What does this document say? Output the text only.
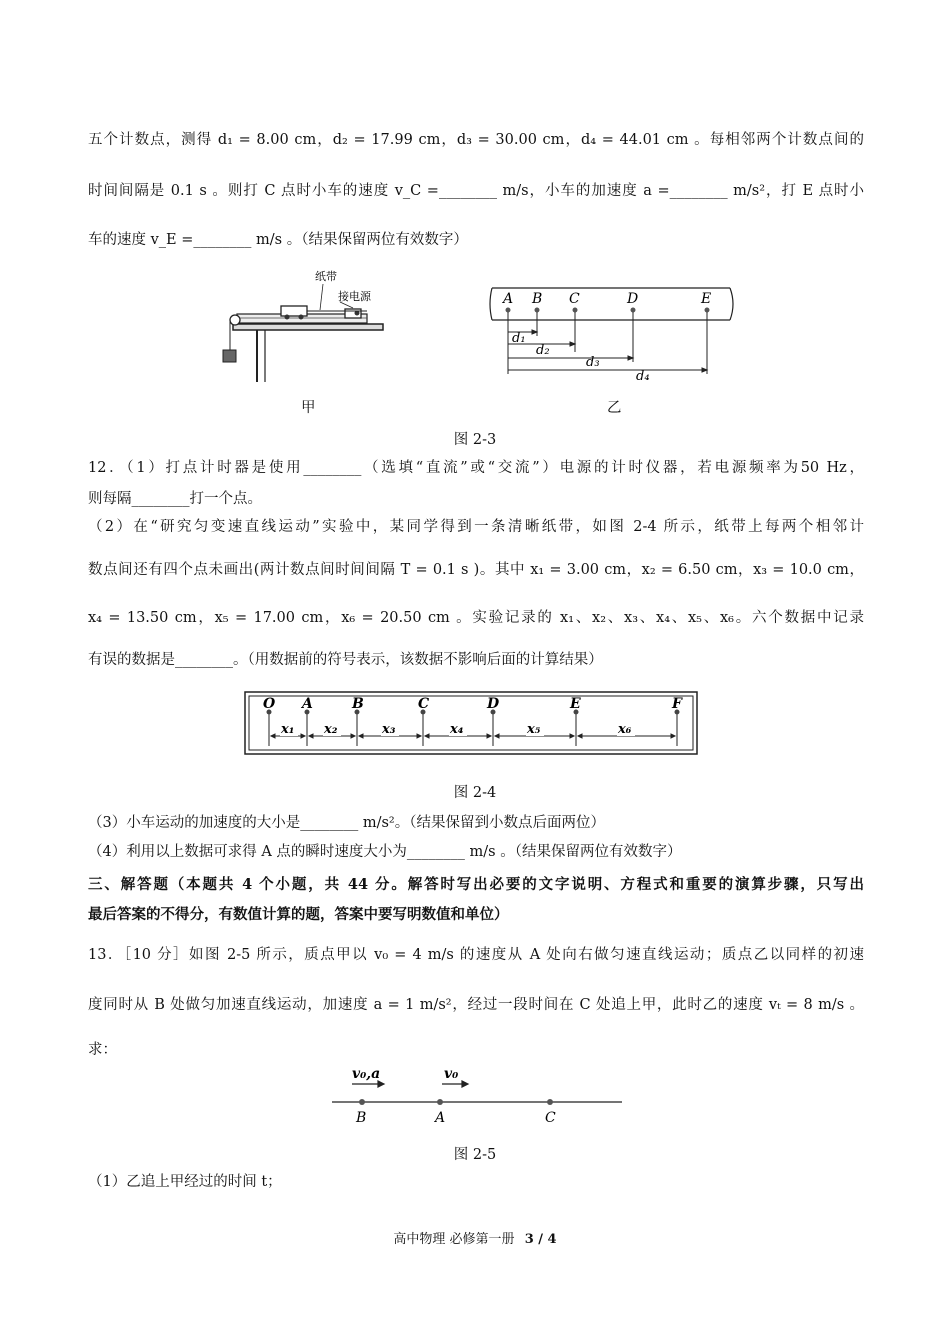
五个计数点，测得 d₁ = 8.00 cm，d₂ = 17.99 cm，d₃ = 30.00 cm，d₄ = 44.01 cm 。每相邻两个计数点间的
时间间隔是 0.1 s 。则打 C 点时小车的速度 v_C =________ m/s，小车的加速度 a =________ m/s²，打 E 点时小
车的速度 v_E =________ m/s 。（结果保留两位有效数字）
纸带
接电源	A B C	D	E
d₁
d₂
d₃
d₄
甲	乙
图 2-3
12．（1）打点计时器是使用________（选填“直流”或“交流”）电源的计时仪器，若电源频率为50 Hz，
则每隔________打一个点。
（2）在“研究匀变速直线运动”实验中，某同学得到一条清晰纸带，如图 2-4 所示，纸带上每两个相邻计
数点间还有四个点未画出(两计数点间时间间隔 T = 0.1 s )。其中 x₁ = 3.00 cm，x₂ = 6.50 cm，x₃ = 10.0 cm，
x₄ = 13.50 cm，x₅ = 17.00 cm，x₆ = 20.50 cm 。实验记录的 x₁、x₂、x₃、x₄、x₅、x₆。六个数据中记录
有误的数据是________。（用数据前的符号表示，该数据不影响后面的计算结果）
O A	B	C	D	E	F
x₁ x₂	x₃	x₄	x₅	x₆
图 2-4
（3）小车运动的加速度的大小是________ m/s²。（结果保留到小数点后面两位）
（4）利用以上数据可求得 A 点的瞬时速度大小为________ m/s 。（结果保留两位有效数字）
三、解答题（本题共 4 个小题，共 44 分。解答时写出必要的文字说明、方程式和重要的演算步骤，只写出
最后答案的不得分，有数值计算的题，答案中要写明数值和单位）
13．［10 分］如图 2-5 所示，质点甲以 v₀ = 4 m/s 的速度从 A 处向右做匀速直线运动；质点乙以同样的初速
度同时从 B 处做匀加速直线运动，加速度 a = 1 m/s²，经过一段时间在 C 处追上甲，此时乙的速度 vₜ = 8 m/s 。
求：
v₀,a	v₀
B	A	C
图 2-5
（1）乙追上甲经过的时间 t；
高中物理 必修第一册 3 / 4
